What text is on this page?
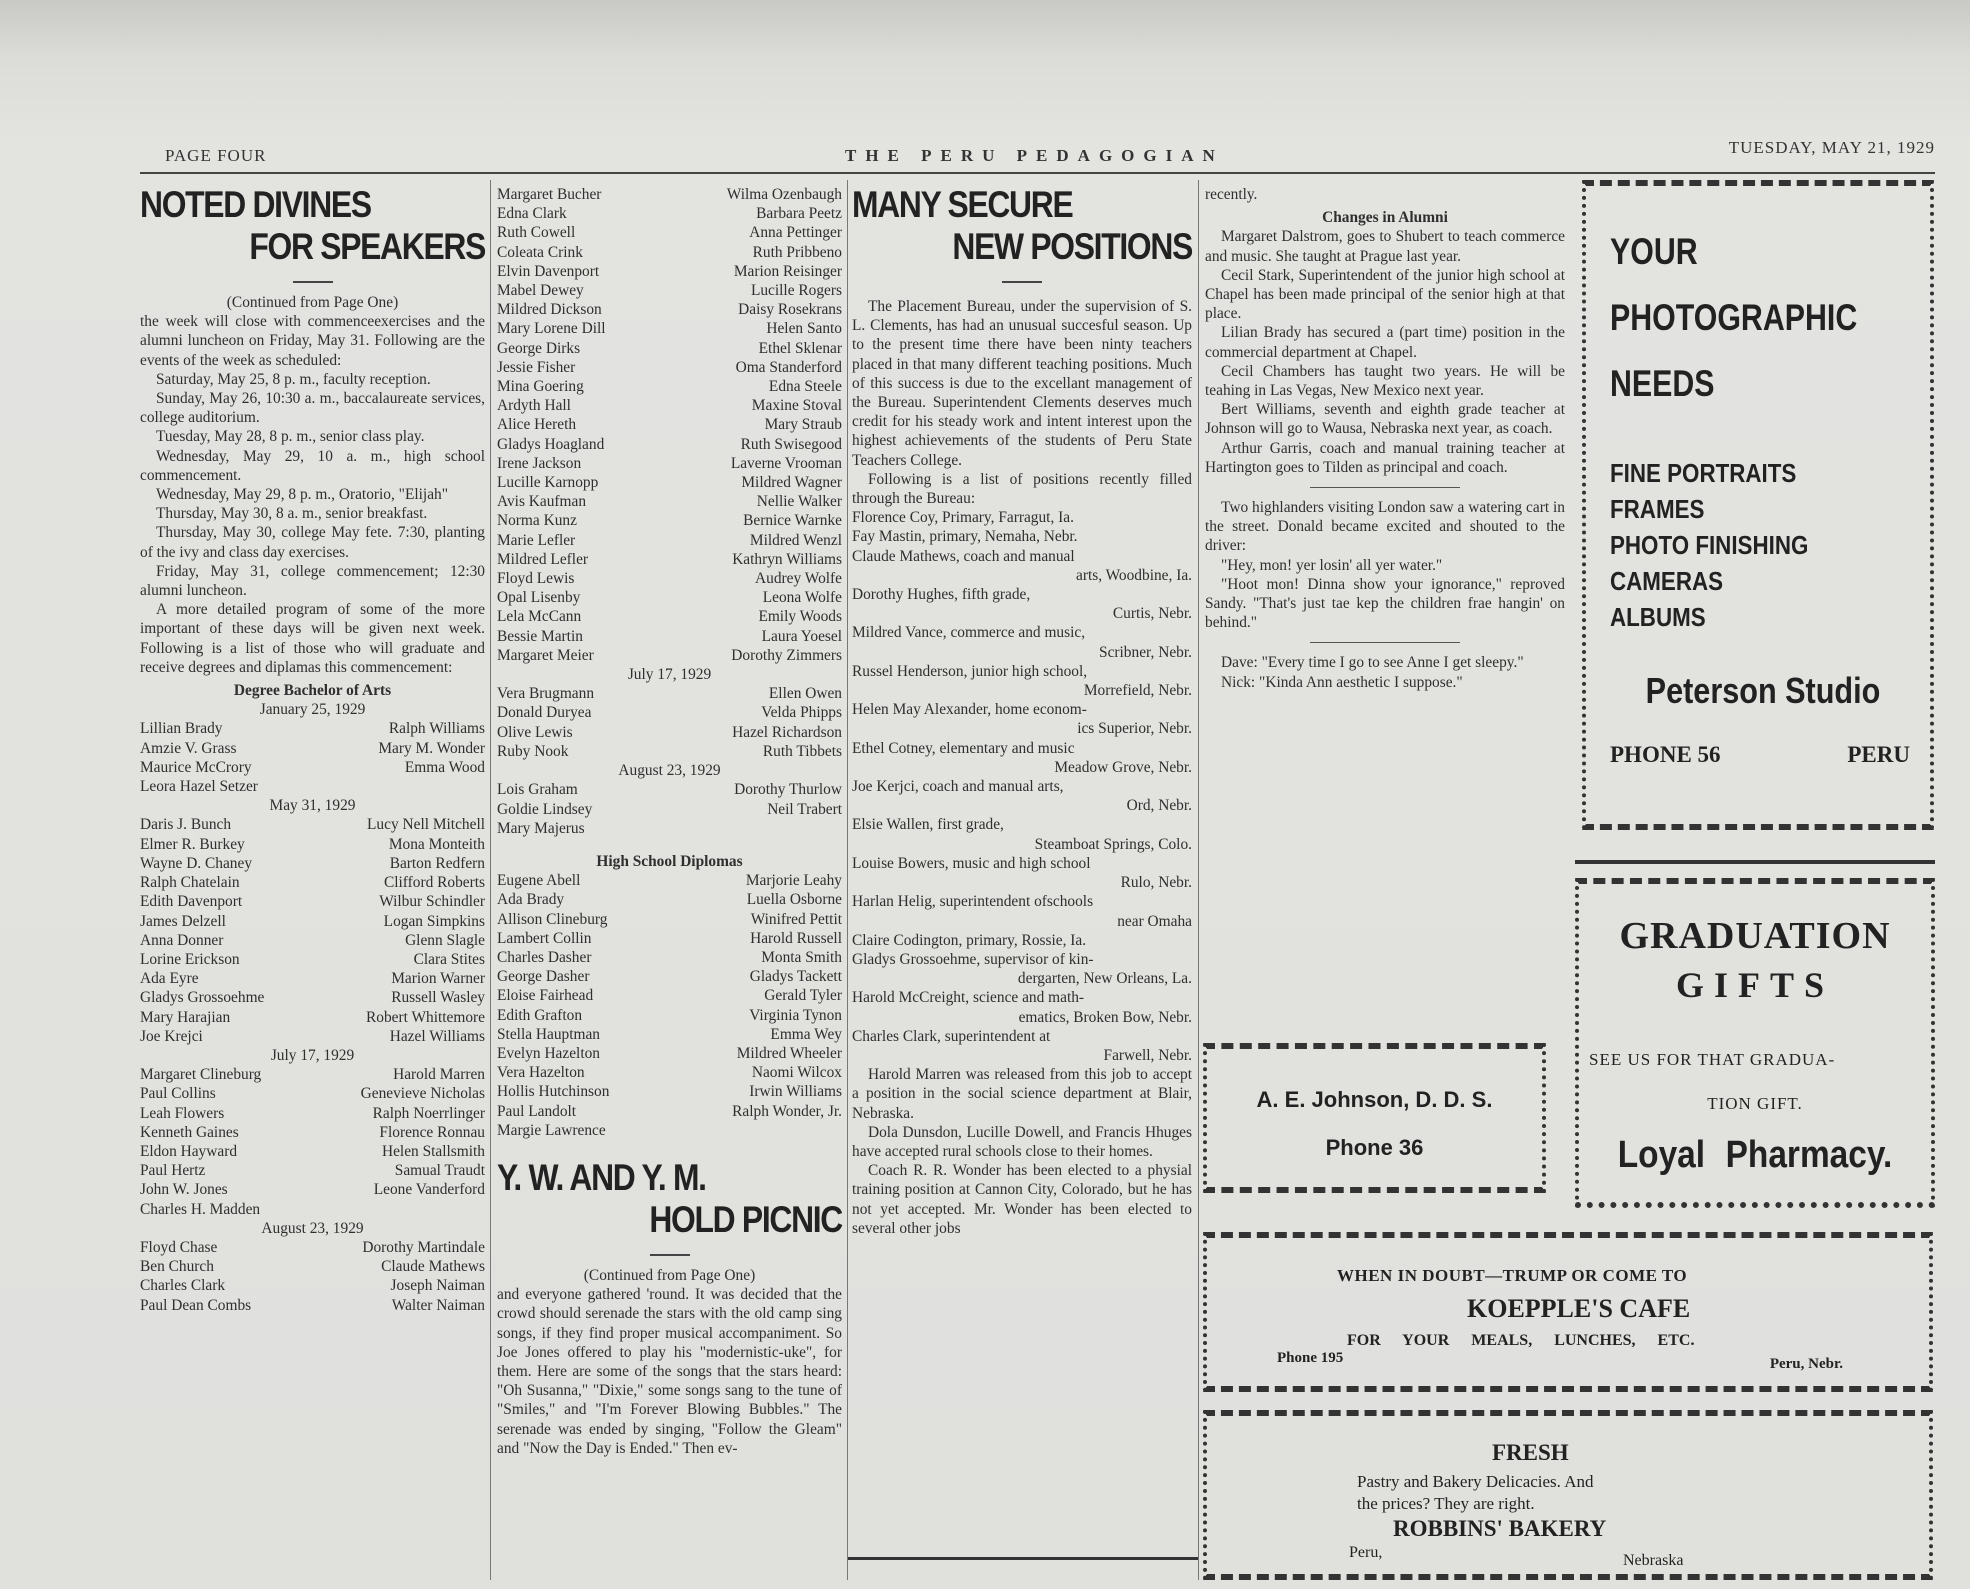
PAGE FOUR	THE PERU PEDAGOGIAN	TUESDAY, MAY 21, 1929
NOTED DIVINES
FOR SPEAKERS
(Continued from Page One)
the week will close with commenceexercises and the alumni luncheon on Friday, May 31. Following are the events of the week as scheduled:
Saturday, May 25, 8 p. m., faculty reception.
Sunday, May 26, 10:30 a. m., baccalaureate services, college auditorium.
Tuesday, May 28, 8 p. m., senior class play.
Wednesday, May 29, 10 a. m., high school commencement.
Wednesday, May 29, 8 p. m., Oratorio, "Elijah"
Thursday, May 30, 8 a. m., senior breakfast.
Thursday, May 30, college May fete. 7:30, planting of the ivy and class day exercises.
Friday, May 31, college commencement; 12:30 alumni luncheon.
A more detailed program of some of the more important of these days will be given next week. Following is a list of those who will graduate and receive degrees and diplamas this commencement:
Degree Bachelor of Arts
January 25, 1929
Lillian Brady	Ralph Williams
Amzie V. Grass	Mary M. Wonder
Maurice McCrory	Emma Wood
Leora Hazel Setzer
May 31, 1929
Daris J. Bunch	Lucy Nell Mitchell
Elmer R. Burkey	Mona Monteith
Wayne D. Chaney	Barton Redfern
Ralph Chatelain	Clifford Roberts
Edith Davenport	Wilbur Schindler
James Delzell	Logan Simpkins
Anna Donner	Glenn Slagle
Lorine Erickson	Clara Stites
Ada Eyre	Marion Warner
Gladys Grossoehme	Russell Wasley
Mary Harajian	Robert Whittemore
Joe Krejci	Hazel Williams
July 17, 1929
Margaret Clineburg	Harold Marren
Paul Collins	Genevieve Nicholas
Leah Flowers	Ralph Noerrlinger
Kenneth Gaines	Florence Ronnau
Eldon Hayward	Helen Stallsmith
Paul Hertz	Samual Traudt
John W. Jones	Leone Vanderford
Charles H. Madden
August 23, 1929
Floyd Chase	Dorothy Martindale
Ben Church	Claude Mathews
Charles Clark	Joseph Naiman
Paul Dean Combs	Walter Naiman
Margaret Bucher	Wilma Ozenbaugh
Edna Clark	Barbara Peetz
Ruth Cowell	Anna Pettinger
Coleata Crink	Ruth Pribbeno
Elvin Davenport	Marion Reisinger
Mabel Dewey	Lucille Rogers
Mildred Dickson	Daisy Rosekrans
Mary Lorene Dill	Helen Santo
George Dirks	Ethel Sklenar
Jessie Fisher	Oma Standerford
Mina Goering	Edna Steele
Ardyth Hall	Maxine Stoval
Alice Hereth	Mary Straub
Gladys Hoagland	Ruth Swisegood
Irene Jackson	Laverne Vrooman
Lucille Karnopp	Mildred Wagner
Avis Kaufman	Nellie Walker
Norma Kunz	Bernice Warnke
Marie Lefler	Mildred Wenzl
Mildred Lefler	Kathryn Williams
Floyd Lewis	Audrey Wolfe
Opal Lisenby	Leona Wolfe
Lela McCann	Emily Woods
Bessie Martin	Laura Yoesel
Margaret Meier	Dorothy Zimmers
July 17, 1929
Vera Brugmann	Ellen Owen
Donald Duryea	Velda Phipps
Olive Lewis	Hazel Richardson
Ruby Nook	Ruth Tibbets
August 23, 1929
Lois Graham	Dorothy Thurlow
Goldie Lindsey	Neil Trabert
Mary Majerus
High School Diplomas
Eugene Abell	Marjorie Leahy
Ada Brady	Luella Osborne
Allison Clineburg	Winifred Pettit
Lambert Collin	Harold Russell
Charles Dasher	Monta Smith
George Dasher	Gladys Tackett
Eloise Fairhead	Gerald Tyler
Edith Grafton	Virginia Tynon
Stella Hauptman	Emma Wey
Evelyn Hazelton	Mildred Wheeler
Vera Hazelton	Naomi Wilcox
Hollis Hutchinson	Irwin Williams
Paul Landolt	Ralph Wonder, Jr.
Margie Lawrence
Y. W. AND Y. M.
HOLD PICNIC
(Continued from Page One)
and everyone gathered 'round. It was decided that the crowd should serenade the stars with the old camp sing songs, if they find proper musical accompaniment. So Joe Jones offered to play his "modernistic-uke", for them. Here are some of the songs that the stars heard: "Oh Susanna," "Dixie," some songs sang to the tune of "Smiles," and "I'm Forever Blowing Bubbles." The serenade was ended by singing, "Follow the Gleam" and "Now the Day is Ended." Then ev-
MANY SECURE
NEW POSITIONS
The Placement Bureau, under the supervision of S. L. Clements, has had an unusual succesful season. Up to the present time there have been ninty teachers placed in that many different teaching positions. Much of this success is due to the excellant management of the Bureau. Superintendent Clements deserves much credit for his steady work and intent interest upon the highest achievements of the students of Peru State Teachers College.
Following is a list of positions recently filled through the Bureau:
Florence Coy, Primary, Farragut, Ia.
Fay Mastin, primary, Nemaha, Nebr.
Claude Mathews, coach and manual
arts, Woodbine, Ia.
Dorothy Hughes, fifth grade,
Curtis, Nebr.
Mildred Vance, commerce and music,
Scribner, Nebr.
Russel Henderson, junior high school,
Morrefield, Nebr.
Helen May Alexander, home econom-
ics Superior, Nebr.
Ethel Cotney, elementary and music
Meadow Grove, Nebr.
Joe Kerjci, coach and manual arts,
Ord, Nebr.
Elsie Wallen, first grade,
Steamboat Springs, Colo.
Louise Bowers, music and high school
Rulo, Nebr.
Harlan Helig, superintendent ofschools
near Omaha
Claire Codington, primary, Rossie, Ia.
Gladys Grossoehme, supervisor of kin-
dergarten, New Orleans, La.
Harold McCreight, science and math-
ematics, Broken Bow, Nebr.
Charles Clark, superintendent at
Farwell, Nebr.
Harold Marren was released from this job to accept a position in the social science department at Blair, Nebraska.
Dola Dunsdon, Lucille Dowell, and Francis Hhuges have accepted rural schools close to their homes.
Coach R. R. Wonder has been elected to a physial training position at Cannon City, Colorado, but he has not yet accepted. Mr. Wonder has been elected to several other jobs
recently.
Changes in Alumni
Margaret Dalstrom, goes to Shubert to teach commerce and music. She taught at Prague last year.
Cecil Stark, Superintendent of the junior high school at Chapel has been made principal of the senior high at that place.
Lilian Brady has secured a (part time) position in the commercial department at Chapel.
Cecil Chambers has taught two years. He will be teahing in Las Vegas, New Mexico next year.
Bert Williams, seventh and eighth grade teacher at Johnson will go to Wausa, Nebraska next year, as coach.
Arthur Garris, coach and manual training teacher at Hartington goes to Tilden as principal and coach.
Two highlanders visiting London saw a watering cart in the street. Donald became excited and shouted to the driver:
"Hey, mon! yer losin' all yer water."
"Hoot mon! Dinna show your ignorance," reproved Sandy. "That's just tae kep the children frae hangin' on behind."
Dave: "Every time I go to see Anne I get sleepy."
Nick: "Kinda Ann aesthetic I suppose."
YOUR
PHOTOGRAPHIC
NEEDS
FINE PORTRAITS
FRAMES
PHOTO FINISHING
CAMERAS
ALBUMS
Peterson Studio
PHONE 56	PERU
GRADUATION
GIFTS
SEE US FOR THAT GRADUA-
TION GIFT.
Loyal Pharmacy.
A. E. Johnson, D. D. S.
Phone 36
WHEN IN DOUBT—TRUMP OR COME TO
KOEPPLE'S CAFE
FOR YOUR MEALS, LUNCHES, ETC.
Phone 195	Peru, Nebr.
FRESH
Pastry and Bakery Delicacies. And
the prices? They are right.
ROBBINS' BAKERY
Peru,	Nebraska
